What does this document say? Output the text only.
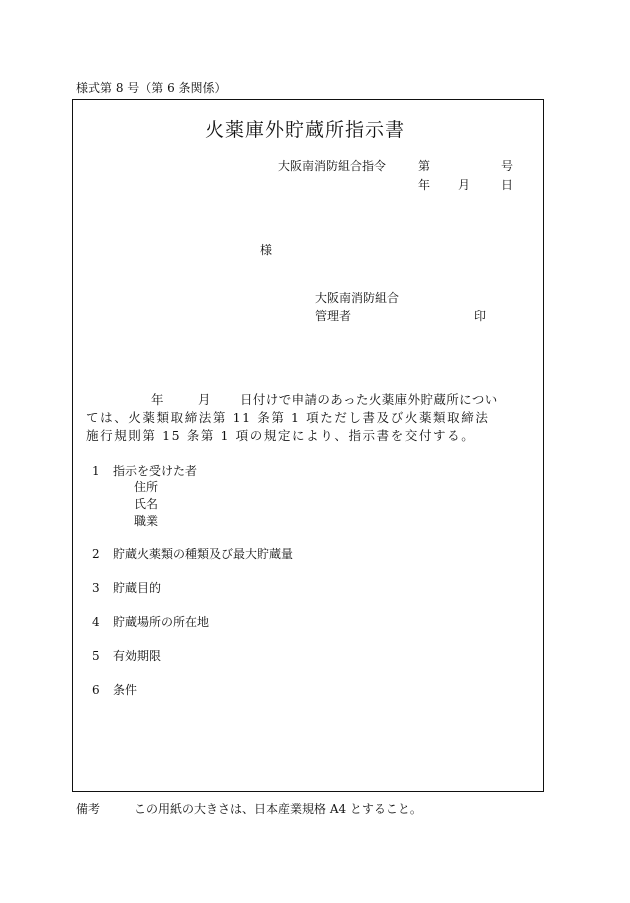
様式第 8 号（第 6 条関係）
火薬庫外貯蔵所指示書
大阪南消防組合指令	第	号
年 月	日
様
大阪南消防組合
管理者	印
年	月 日付けで申請のあった火薬庫外貯蔵所につい
ては、火薬類取締法第 11 条第 1 項ただし書及び火薬類取締法
施行規則第 15 条第 1 項の規定により、指示書を交付する。
1 指示を受けた者
住所
氏名
職業
2 貯蔵火薬類の種類及び最大貯蔵量
3 貯蔵目的
4 貯蔵場所の所在地
5 有効期限
6 条件
備考	この用紙の大きさは、日本産業規格 A4 とすること。
